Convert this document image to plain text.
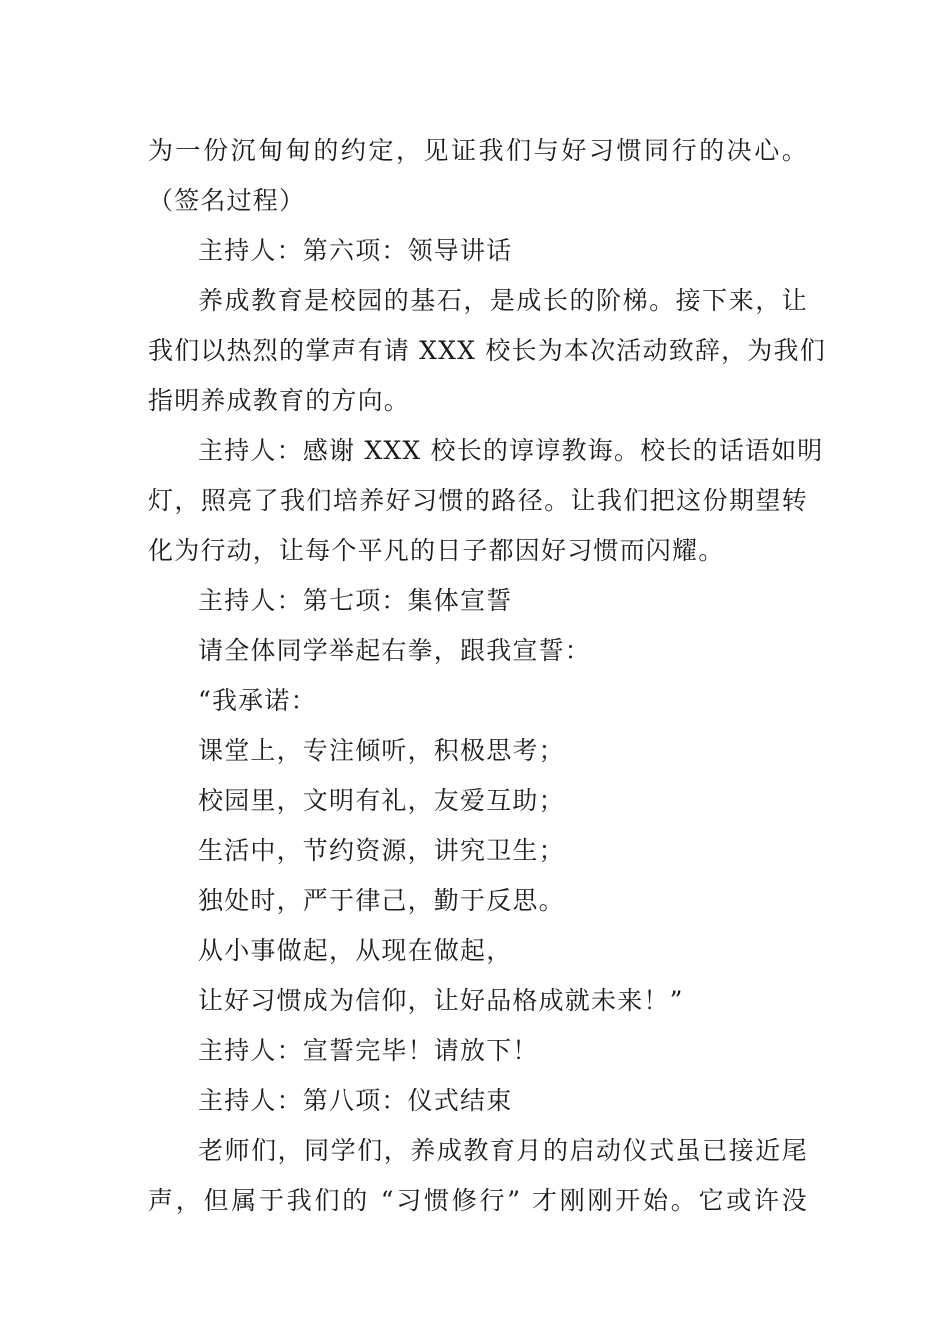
为一份沉甸甸的约定，见证我们与好习惯同行的决心。
（签名过程）
主持人：第六项：领导讲话
养成教育是校园的基石，是成长的阶梯。接下来，让
我们以热烈的掌声有请 XXX 校长为本次活动致辞，为我们
指明养成教育的方向。
主持人：感谢 XXX 校长的谆谆教诲。校长的话语如明
灯，照亮了我们培养好习惯的路径。让我们把这份期望转
化为行动，让每个平凡的日子都因好习惯而闪耀。
主持人：第七项：集体宣誓
请全体同学举起右拳，跟我宣誓：
“我承诺：
课堂上，专注倾听，积极思考；
校园里，文明有礼，友爱互助；
生活中，节约资源，讲究卫生；
独处时，严于律己，勤于反思。
从小事做起，从现在做起，
让好习惯成为信仰，让好品格成就未来！”
主持人：宣誓完毕！请放下！
主持人：第八项：仪式结束
老师们，同学们，养成教育月的启动仪式虽已接近尾
声，但属于我们的 “习惯修行” 才刚刚开始。它或许没
